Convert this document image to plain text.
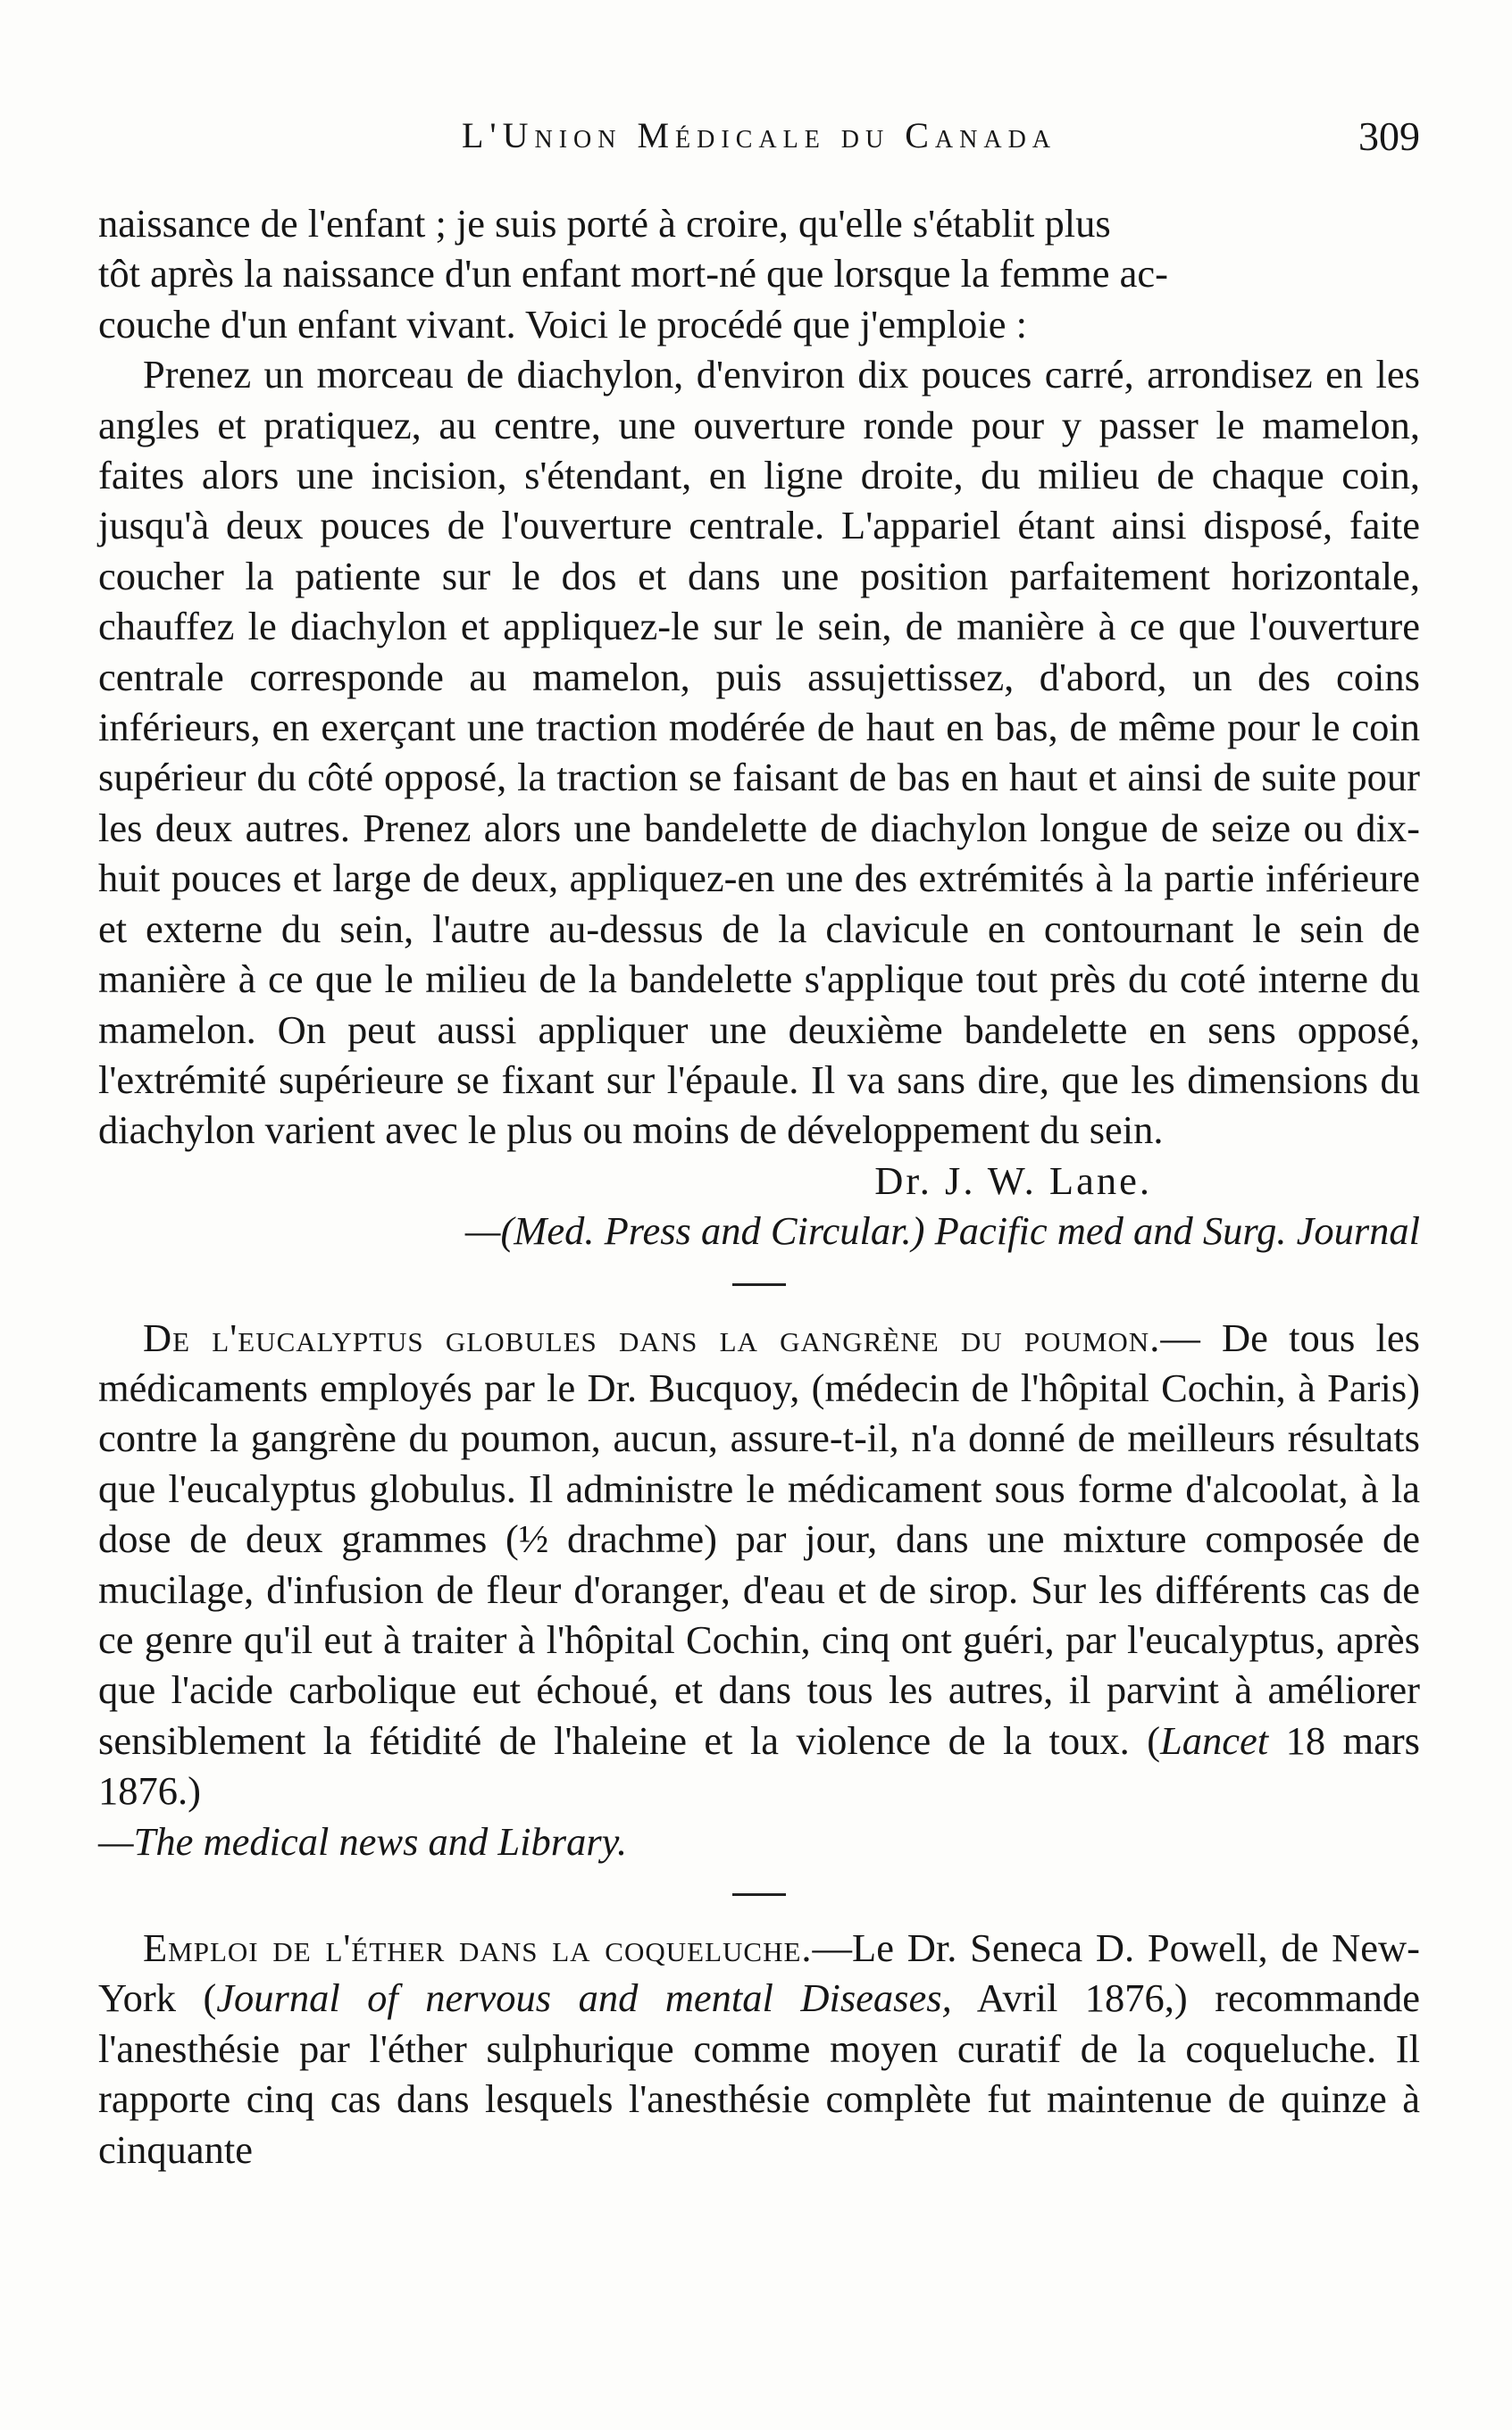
L'Union Médicale du Canada	309

naissance de l'enfant ; je suis porté à croire, qu'elle s'établit plus

tôt après la naissance d'un enfant mort-né que lorsque la femme ac-

couche d'un enfant vivant. Voici le procédé que j'emploie :

Prenez un morceau de diachylon, d'environ dix pouces carré, arrondisez en les angles et pratiquez, au centre, une ouverture ronde pour y passer le mamelon, faites alors une incision, s'étendant, en ligne droite, du milieu de chaque coin, jusqu'à deux pouces de l'ouverture centrale. L'appariel étant ainsi disposé, faite coucher la patiente sur le dos et dans une position parfaitement horizontale, chauffez le diachylon et appliquez-le sur le sein, de manière à ce que l'ouverture centrale corresponde au mamelon, puis assujettissez, d'abord, un des coins inférieurs, en exerçant une traction modérée de haut en bas, de même pour le coin supérieur du côté opposé, la traction se faisant de bas en haut et ainsi de suite pour les deux autres. Prenez alors une bandelette de diachylon longue de seize ou dix-huit pouces et large de deux, appliquez-en une des extrémités à la partie inférieure et externe du sein, l'autre au-dessus de la clavicule en contournant le sein de manière à ce que le milieu de la bandelette s'applique tout près du coté interne du mamelon. On peut aussi appliquer une deuxième bandelette en sens opposé, l'extrémité supérieure se fixant sur l'épaule. Il va sans dire, que les dimensions du diachylon varient avec le plus ou moins de développement du sein.

Dr. J. W. Lane.

—(Med. Press and Circular.) Pacific med and Surg. Journal

De l'eucalyptus globules dans la gangrène du poumon.— De tous les médicaments employés par le Dr. Bucquoy, (médecin de l'hôpital Cochin, à Paris) contre la gangrène du poumon, aucun, assure-t-il, n'a donné de meilleurs résultats que l'eucalyptus globulus. Il administre le médicament sous forme d'alcoolat, à la dose de deux grammes (½ drachme) par jour, dans une mixture composée de mucilage, d'infusion de fleur d'oranger, d'eau et de sirop. Sur les différents cas de ce genre qu'il eut à traiter à l'hôpital Cochin, cinq ont guéri, par l'eucalyptus, après que l'acide carbolique eut échoué, et dans tous les autres, il parvint à améliorer sensiblement la fétidité de l'haleine et la violence de la toux. (Lancet 18 mars 1876.)

—The medical news and Library.

Emploi de l'éther dans la coqueluche.—Le Dr. Seneca D. Powell, de New-York (Journal of nervous and mental Diseases, Avril 1876,) recommande l'anesthésie par l'éther sulphurique comme moyen curatif de la coqueluche. Il rapporte cinq cas dans lesquels l'anesthésie complète fut maintenue de quinze à cinquante
